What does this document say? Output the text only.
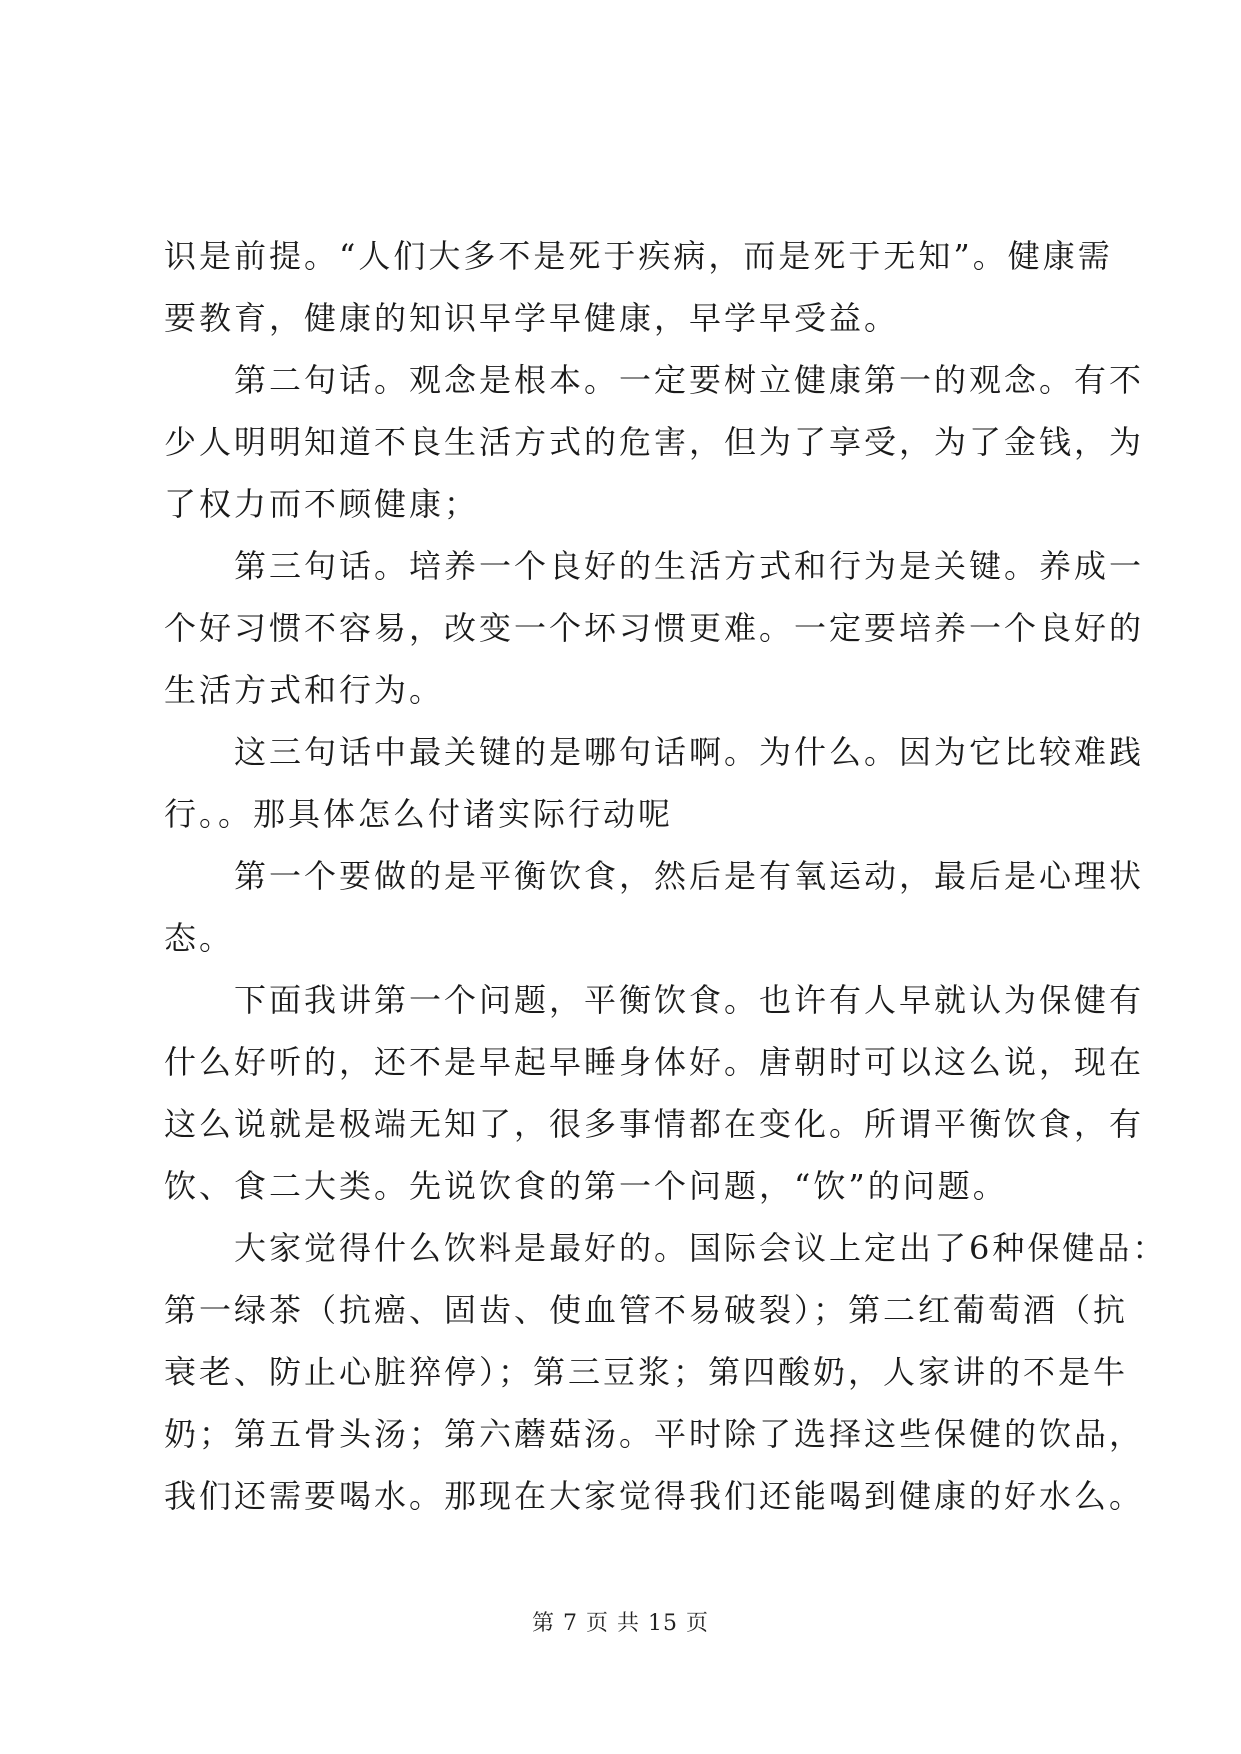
识是前提。“人们大多不是死于疾病，而是死于无知”。健康需
要教育，健康的知识早学早健康，早学早受益。
第二句话。观念是根本。一定要树立健康第一的观念。有不
少人明明知道不良生活方式的危害，但为了享受，为了金钱，为
了权力而不顾健康；
第三句话。培养一个良好的生活方式和行为是关键。养成一
个好习惯不容易，改变一个坏习惯更难。一定要培养一个良好的
生活方式和行为。
这三句话中最关键的是哪句话啊。为什么。因为它比较难践
行。。那具体怎么付诸实际行动呢
第一个要做的是平衡饮食，然后是有氧运动，最后是心理状
态。
下面我讲第一个问题，平衡饮食。也许有人早就认为保健有
什么好听的，还不是早起早睡身体好。唐朝时可以这么说，现在
这么说就是极端无知了，很多事情都在变化。所谓平衡饮食，有
饮、食二大类。先说饮食的第一个问题，“饮”的问题。
大家觉得什么饮料是最好的。国际会议上定出了6种保健品：
第一绿茶（抗癌、固齿、使血管不易破裂）；第二红葡萄酒（抗
衰老、防止心脏猝停）；第三豆浆；第四酸奶，人家讲的不是牛
奶；第五骨头汤；第六蘑菇汤。平时除了选择这些保健的饮品，
我们还需要喝水。那现在大家觉得我们还能喝到健康的好水么。
第 7 页 共 15 页
